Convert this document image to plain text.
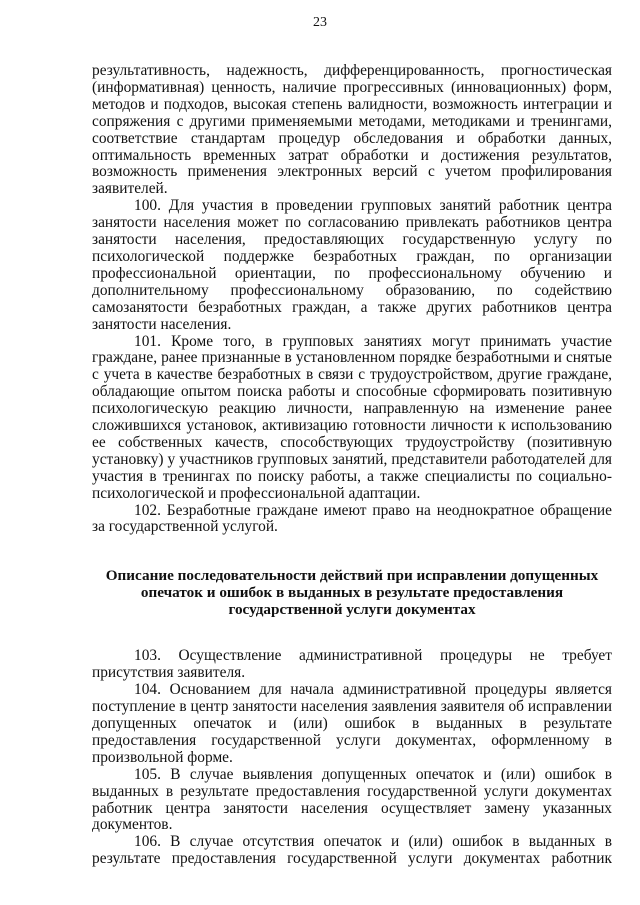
23

результативность, надежность, дифференцированность, прогностическая (информативная) ценность, наличие прогрессивных (инновационных) форм, методов и подходов, высокая степень валидности, возможность интеграции и сопряжения с другими применяемыми методами, методиками и тренингами, соответствие стандартам процедур обследования и обработки данных, оптимальность временных затрат обработки и достижения результатов, возможность применения электронных версий с учетом профилирования заявителей.

100. Для участия в проведении групповых занятий работник центра занятости населения может по согласованию привлекать работников центра занятости населения, предоставляющих государственную услугу по психологической поддержке безработных граждан, по организации профессиональной ориентации, по профессиональному обучению и дополнительному профессиональному образованию, по содействию самозанятости безработных граждан, а также других работников центра занятости населения.

101. Кроме того, в групповых занятиях могут принимать участие граждане, ранее признанные в установленном порядке безработными и снятые с учета в качестве безработных в связи с трудоустройством, другие граждане, обладающие опытом поиска работы и способные сформировать позитивную психологическую реакцию личности, направленную на изменение ранее сложившихся установок, активизацию готовности личности к использованию ее собственных качеств, способствующих трудоустройству (позитивную установку) у участников групповых занятий, представители работодателей для участия в тренингах по поиску работы, а также специалисты по социально-психологической и профессиональной адаптации.

102. Безработные граждане имеют право на неоднократное обращение за государственной услугой.

Описание последовательности действий при исправлении допущенных опечаток и ошибок в выданных в результате предоставления государственной услуги документах

103. Осуществление административной процедуры не требует присутствия заявителя.

104. Основанием для начала административной процедуры является поступление в центр занятости населения заявления заявителя об исправлении допущенных опечаток и (или) ошибок в выданных в результате предоставления государственной услуги документах, оформленному в произвольной форме.

105. В случае выявления допущенных опечаток и (или) ошибок в выданных в результате предоставления государственной услуги документах работник центра занятости населения осуществляет замену указанных документов.

106. В случае отсутствия опечаток и (или) ошибок в выданных в результате предоставления государственной услуги документах работник
